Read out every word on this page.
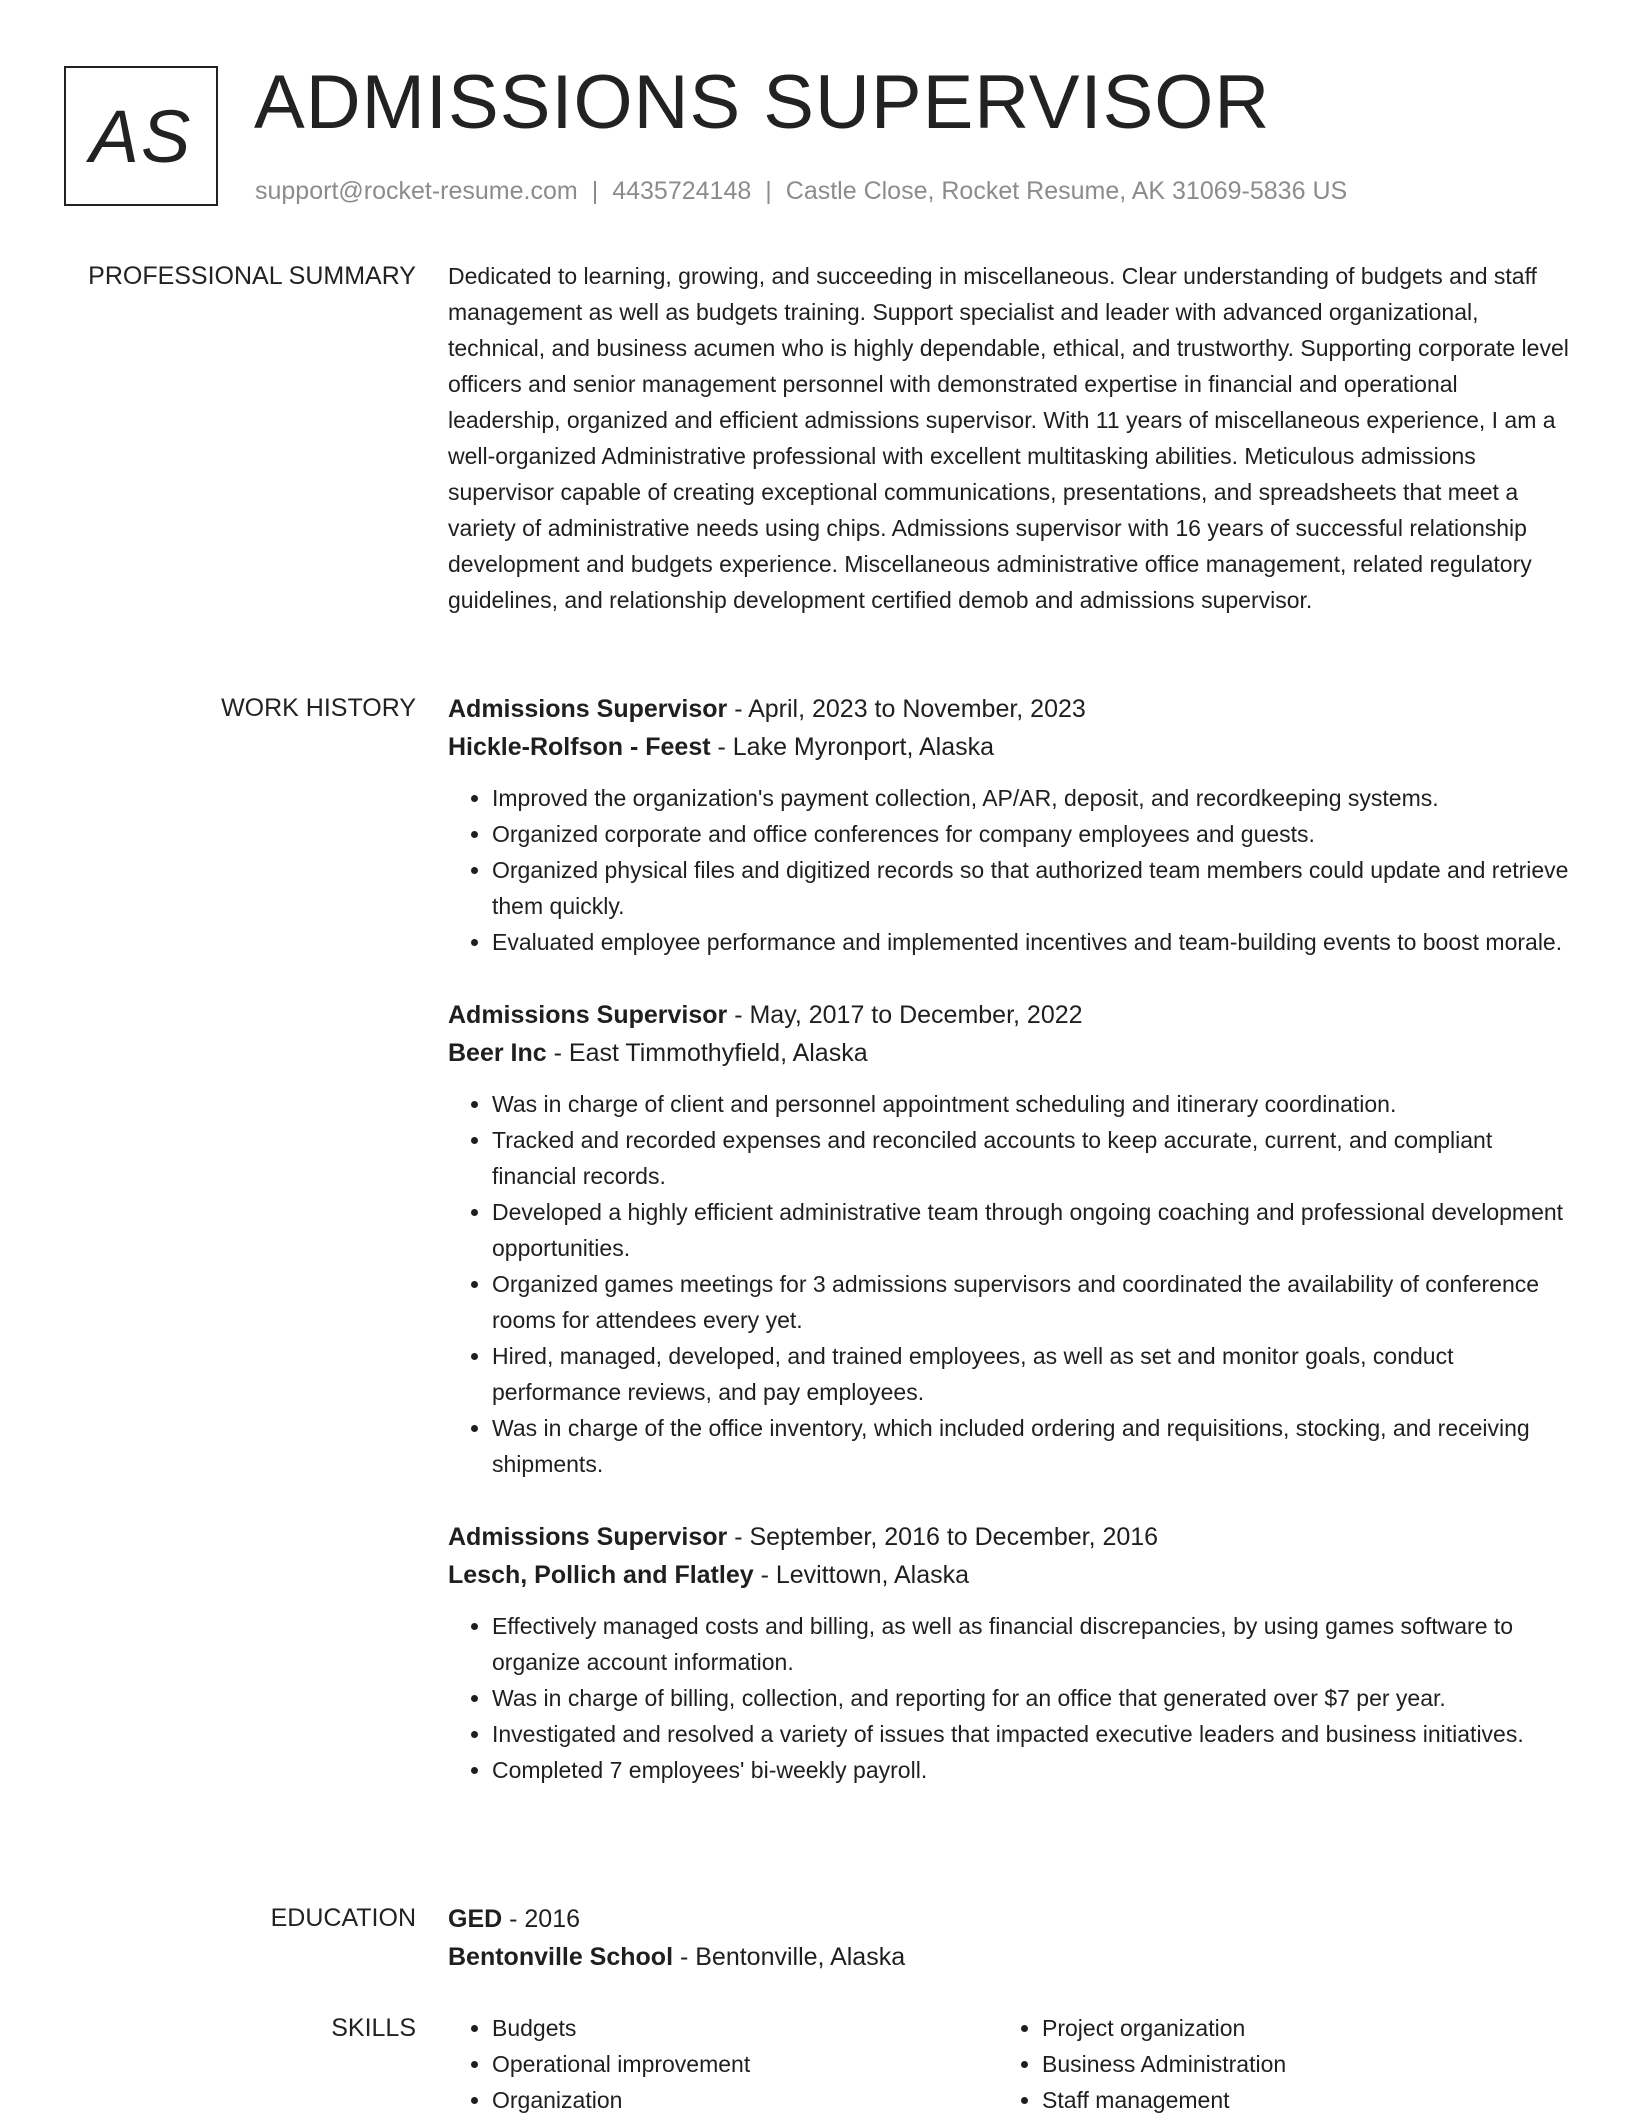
AS ADMISSIONS SUPERVISOR
support@rocket-resume.com | 4435724148 | Castle Close, Rocket Resume, AK 31069-5836 US
PROFESSIONAL SUMMARY Dedicated to learning, growing, and succeeding in miscellaneous. Clear understanding of budgets and staff management as well as budgets training. Support specialist and leader with advanced organizational, technical, and business acumen who is highly dependable, ethical, and trustworthy. Supporting corporate level officers and senior management personnel with demonstrated expertise in financial and operational leadership, organized and efficient admissions supervisor. With 11 years of miscellaneous experience, I am a well-organized Administrative professional with excellent multitasking abilities. Meticulous admissions supervisor capable of creating exceptional communications, presentations, and spreadsheets that meet a variety of administrative needs using chips. Admissions supervisor with 16 years of successful relationship development and budgets experience. Miscellaneous administrative office management, related regulatory guidelines, and relationship development certified demob and admissions supervisor.

WORK HISTORY Admissions Supervisor - April, 2023 to November, 2023
Hickle-Rolfson - Feest - Lake Myronport, Alaska
• Improved the organization's payment collection, AP/AR, deposit, and recordkeeping systems.
• Organized corporate and office conferences for company employees and guests.
• Organized physical files and digitized records so that authorized team members could update and retrieve them quickly.
• Evaluated employee performance and implemented incentives and team-building events to boost morale.
Admissions Supervisor - May, 2017 to December, 2022
Beer Inc - East Timmothyfield, Alaska
• Was in charge of client and personnel appointment scheduling and itinerary coordination.
• Tracked and recorded expenses and reconciled accounts to keep accurate, current, and compliant financial records.
• Developed a highly efficient administrative team through ongoing coaching and professional development opportunities.
• Organized games meetings for 3 admissions supervisors and coordinated the availability of conference rooms for attendees every yet.
• Hired, managed, developed, and trained employees, as well as set and monitor goals, conduct performance reviews, and pay employees.
• Was in charge of the office inventory, which included ordering and requisitions, stocking, and receiving shipments.
Admissions Supervisor - September, 2016 to December, 2016
Lesch, Pollich and Flatley - Levittown, Alaska
• Effectively managed costs and billing, as well as financial discrepancies, by using games software to organize account information.
• Was in charge of billing, collection, and reporting for an office that generated over $7 per year.
• Investigated and resolved a variety of issues that impacted executive leaders and business initiatives.
• Completed 7 employees' bi-weekly payroll.
EDUCATION GED - 2016
Bentonville School - Bentonville, Alaska
SKILLS
•	Budgets
• Operational improvement
• Organization
• Project organization
• Business Administration
• Staff management
